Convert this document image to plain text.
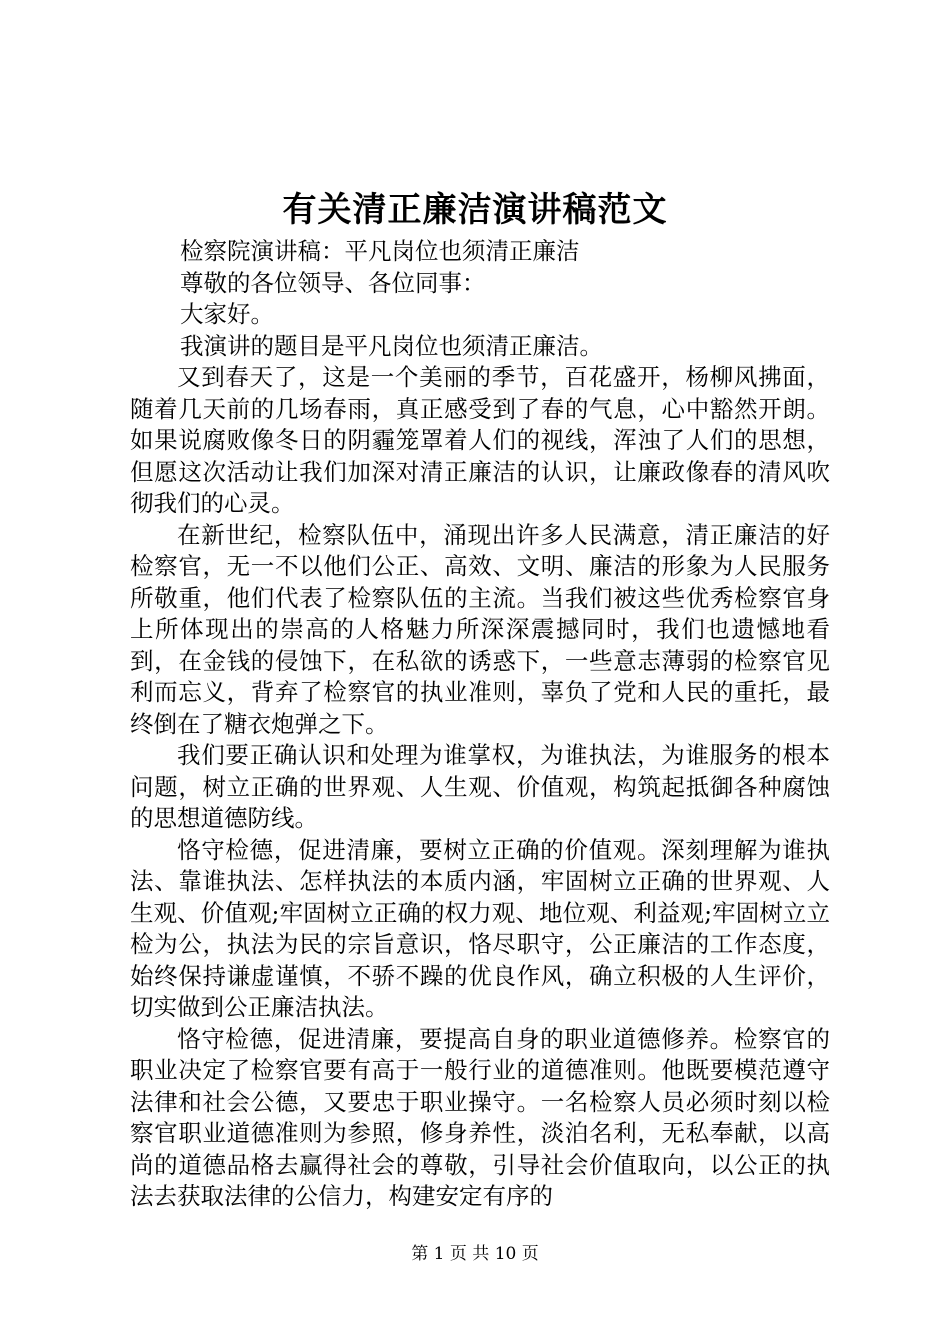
有关清正廉洁演讲稿范文

检察院演讲稿：平凡岗位也须清正廉洁

尊敬的各位领导、各位同事：

大家好。

我演讲的题目是平凡岗位也须清正廉洁。

又到春天了，这是一个美丽的季节，百花盛开，杨柳风拂面，随着几天前的几场春雨，真正感受到了春的气息，心中豁然开朗。如果说腐败像冬日的阴霾笼罩着人们的视线，浑浊了人们的思想，但愿这次活动让我们加深对清正廉洁的认识，让廉政像春的清风吹彻我们的心灵。

在新世纪，检察队伍中，涌现出许多人民满意，清正廉洁的好检察官，无一不以他们公正、高效、文明、廉洁的形象为人民服务所敬重，他们代表了检察队伍的主流。当我们被这些优秀检察官身上所体现出的崇高的人格魅力所深深震撼同时，我们也遗憾地看到，在金钱的侵蚀下，在私欲的诱惑下，一些意志薄弱的检察官见利而忘义，背弃了检察官的执业准则，辜负了党和人民的重托，最终倒在了糖衣炮弹之下。

我们要正确认识和处理为谁掌权，为谁执法，为谁服务的根本问题，树立正确的世界观、人生观、价值观，构筑起抵御各种腐蚀的思想道德防线。

恪守检德，促进清廉，要树立正确的价值观。深刻理解为谁执法、靠谁执法、怎样执法的本质内涵，牢固树立正确的世界观、人生观、价值观;牢固树立正确的权力观、地位观、利益观;牢固树立立检为公，执法为民的宗旨意识，恪尽职守，公正廉洁的工作态度，始终保持谦虚谨慎，不骄不躁的优良作风，确立积极的人生评价，切实做到公正廉洁执法。

恪守检德，促进清廉，要提高自身的职业道德修养。检察官的职业决定了检察官要有高于一般行业的道德准则。他既要模范遵守法律和社会公德，又要忠于职业操守。一名检察人员必须时刻以检察官职业道德准则为参照，修身养性，淡泊名利，无私奉献，以高尚的道德品格去赢得社会的尊敬，引导社会价值取向，以公正的执法去获取法律的公信力，构建安定有序的

第 1 页 共 10 页
